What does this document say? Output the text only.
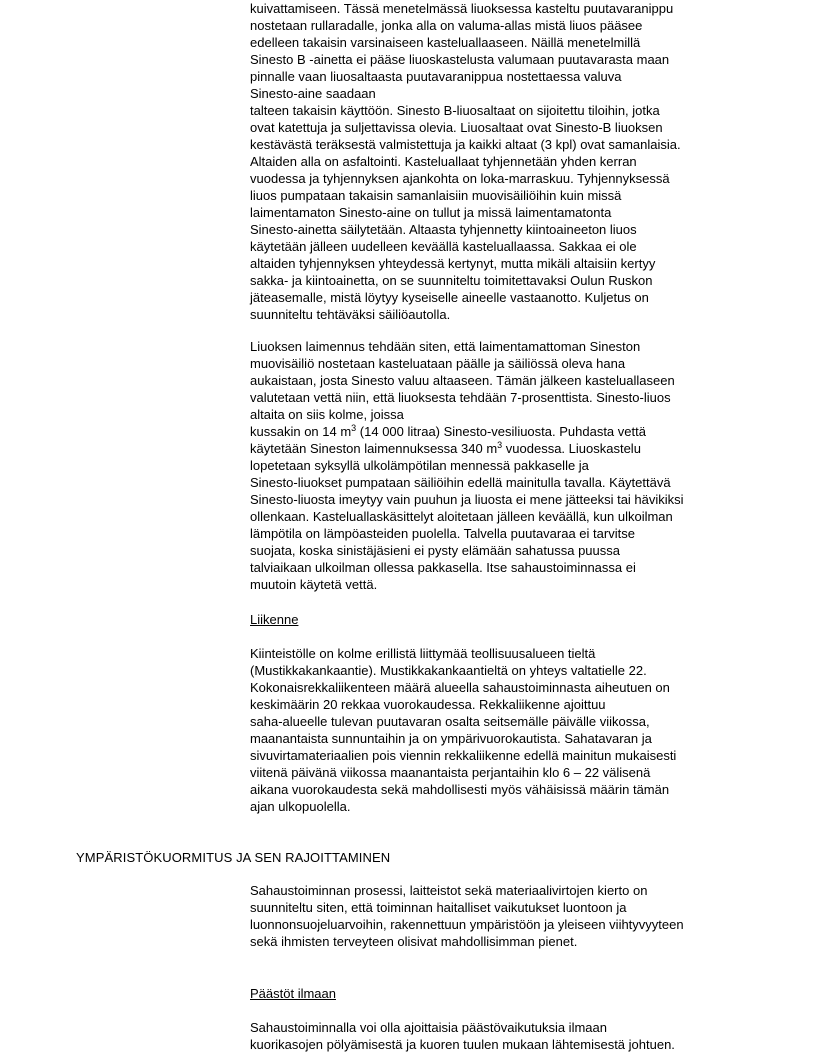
kuivattamiseen. Tässä menetelmässä liuoksessa kasteltu puutavaranippu
nostetaan rullaradalle, jonka alla on valuma-allas mistä liuos pääsee
edelleen takaisin varsinaiseen kasteluallaaseen. Näillä menetelmillä
Sinesto B -ainetta ei pääse liuoskastelusta valumaan puutavarasta maan
pinnalle vaan liuosaltaasta puutavaranippua nostettaessa valuva
Sinesto-aine saadaan
talteen takaisin käyttöön. Sinesto B-liuosaltaat on sijoitettu tiloihin, jotka
ovat katettuja ja suljettavissa olevia. Liuosaltaat ovat Sinesto-B liuoksen
kestävästä teräksestä valmistettuja ja kaikki altaat (3 kpl) ovat samanlaisia.
Altaiden alla on asfaltointi. Kasteluallaat tyhjennetään yhden kerran
vuodessa ja tyhjennyksen ajankohta on loka-marraskuu. Tyhjennyksessä
liuos pumpataan takaisin samanlaisiin muovisäiliöihin kuin missä
laimentamaton Sinesto-aine on tullut ja missä laimentamatonta
Sinesto-ainetta säilytetään. Altaasta tyhjennetty kiintoaineeton liuos
käytetään jälleen uudelleen keväällä kasteluallaassa. Sakkaa ei ole
altaiden tyhjennyksen yhteydessä kertynyt, mutta mikäli altaisiin kertyy
sakka- ja kiintoainetta, on se suunniteltu toimitettavaksi Oulun Ruskon
jäteasemalle, mistä löytyy kyseiselle aineelle vastaanotto. Kuljetus on
suunniteltu tehtäväksi säiliöautolla.
Liuoksen laimennus tehdään siten, että laimentamattoman Sineston
muovisäiliö nostetaan kasteluataan päälle ja säiliössä oleva hana
aukaistaan, josta Sinesto valuu altaaseen. Tämän jälkeen kasteluallaseen
valutetaan vettä niin, että liuoksesta tehdään 7-prosenttista. Sinesto-liuos
altaita on siis kolme, joissa
kussakin on 14 $m^3$ (14 000 litraa) Sinesto-vesiliuosta. Puhdasta vettä
käytetään Sineston laimennuksessa 340 $m^3$ vuodessa. Liuoskastelu
lopetetaan syksyllä ulkolämpötilan mennessä pakkaselle ja
Sinesto-liuokset pumpataan säiliöihin edellä mainitulla tavalla. Käytettävä
Sinesto-liuosta imeytyy vain puuhun ja liuosta ei mene jätteeksi tai hävikiksi
ollenkaan. Kasteluallaskäsittelyt aloitetaan jälleen keväällä, kun ulkoilman
lämpötila on lämpöasteiden puolella. Talvella puutavaraa ei tarvitse
suojata, koska sinistäjäsieni ei pysty elämään sahatussa puussa
talviaikaan ulkoilman ollessa pakkasella. Itse sahaustoiminnassa ei
muutoin käytetä vettä.
Liikenne
Kiinteistölle on kolme erillistä liittymää teollisuusalueen tieltä
(Mustikkakankaantie). Mustikkakankaantieltä on yhteys valtatielle 22.
Kokonaisrekkaliikenteen määrä alueella sahaustoiminnasta aiheutuen on
keskimäärin 20 rekkaa vuorokaudessa. Rekkaliikenne ajoittuu
saha-alueelle tulevan puutavaran osalta seitsemälle päivälle viikossa,
maanantaista sunnuntaihin ja on ympärivuorokautista. Sahatavaran ja
sivuvirtamateriaalien pois viennin rekkaliikenne edellä mainitun mukaisesti
viitenä päivänä viikossa maanantaista perjantaihin klo 6 – 22 välisenä
aikana vuorokaudesta sekä mahdollisesti myös vähäisissä määrin tämän
ajan ulkopuolella.
YMPÄRISTÖKUORMITUS JA SEN RAJOITTAMINEN
Sahaustoiminnan prosessi, laitteistot sekä materiaalivirtojen kierto on
suunniteltu siten, että toiminnan haitalliset vaikutukset luontoon ja
luonnonsuojeluarvoihin, rakennettuun ympäristöön ja yleiseen viihtyvyyteen
sekä ihmisten terveyteen olisivat mahdollisimman pienet.
Päästöt ilmaan
Sahaustoiminnalla voi olla ajoittaisia päästövaikutuksia ilmaan
kuorikasojen pölyämisestä ja kuoren tuulen mukaan lähtemisestä johtuen.
